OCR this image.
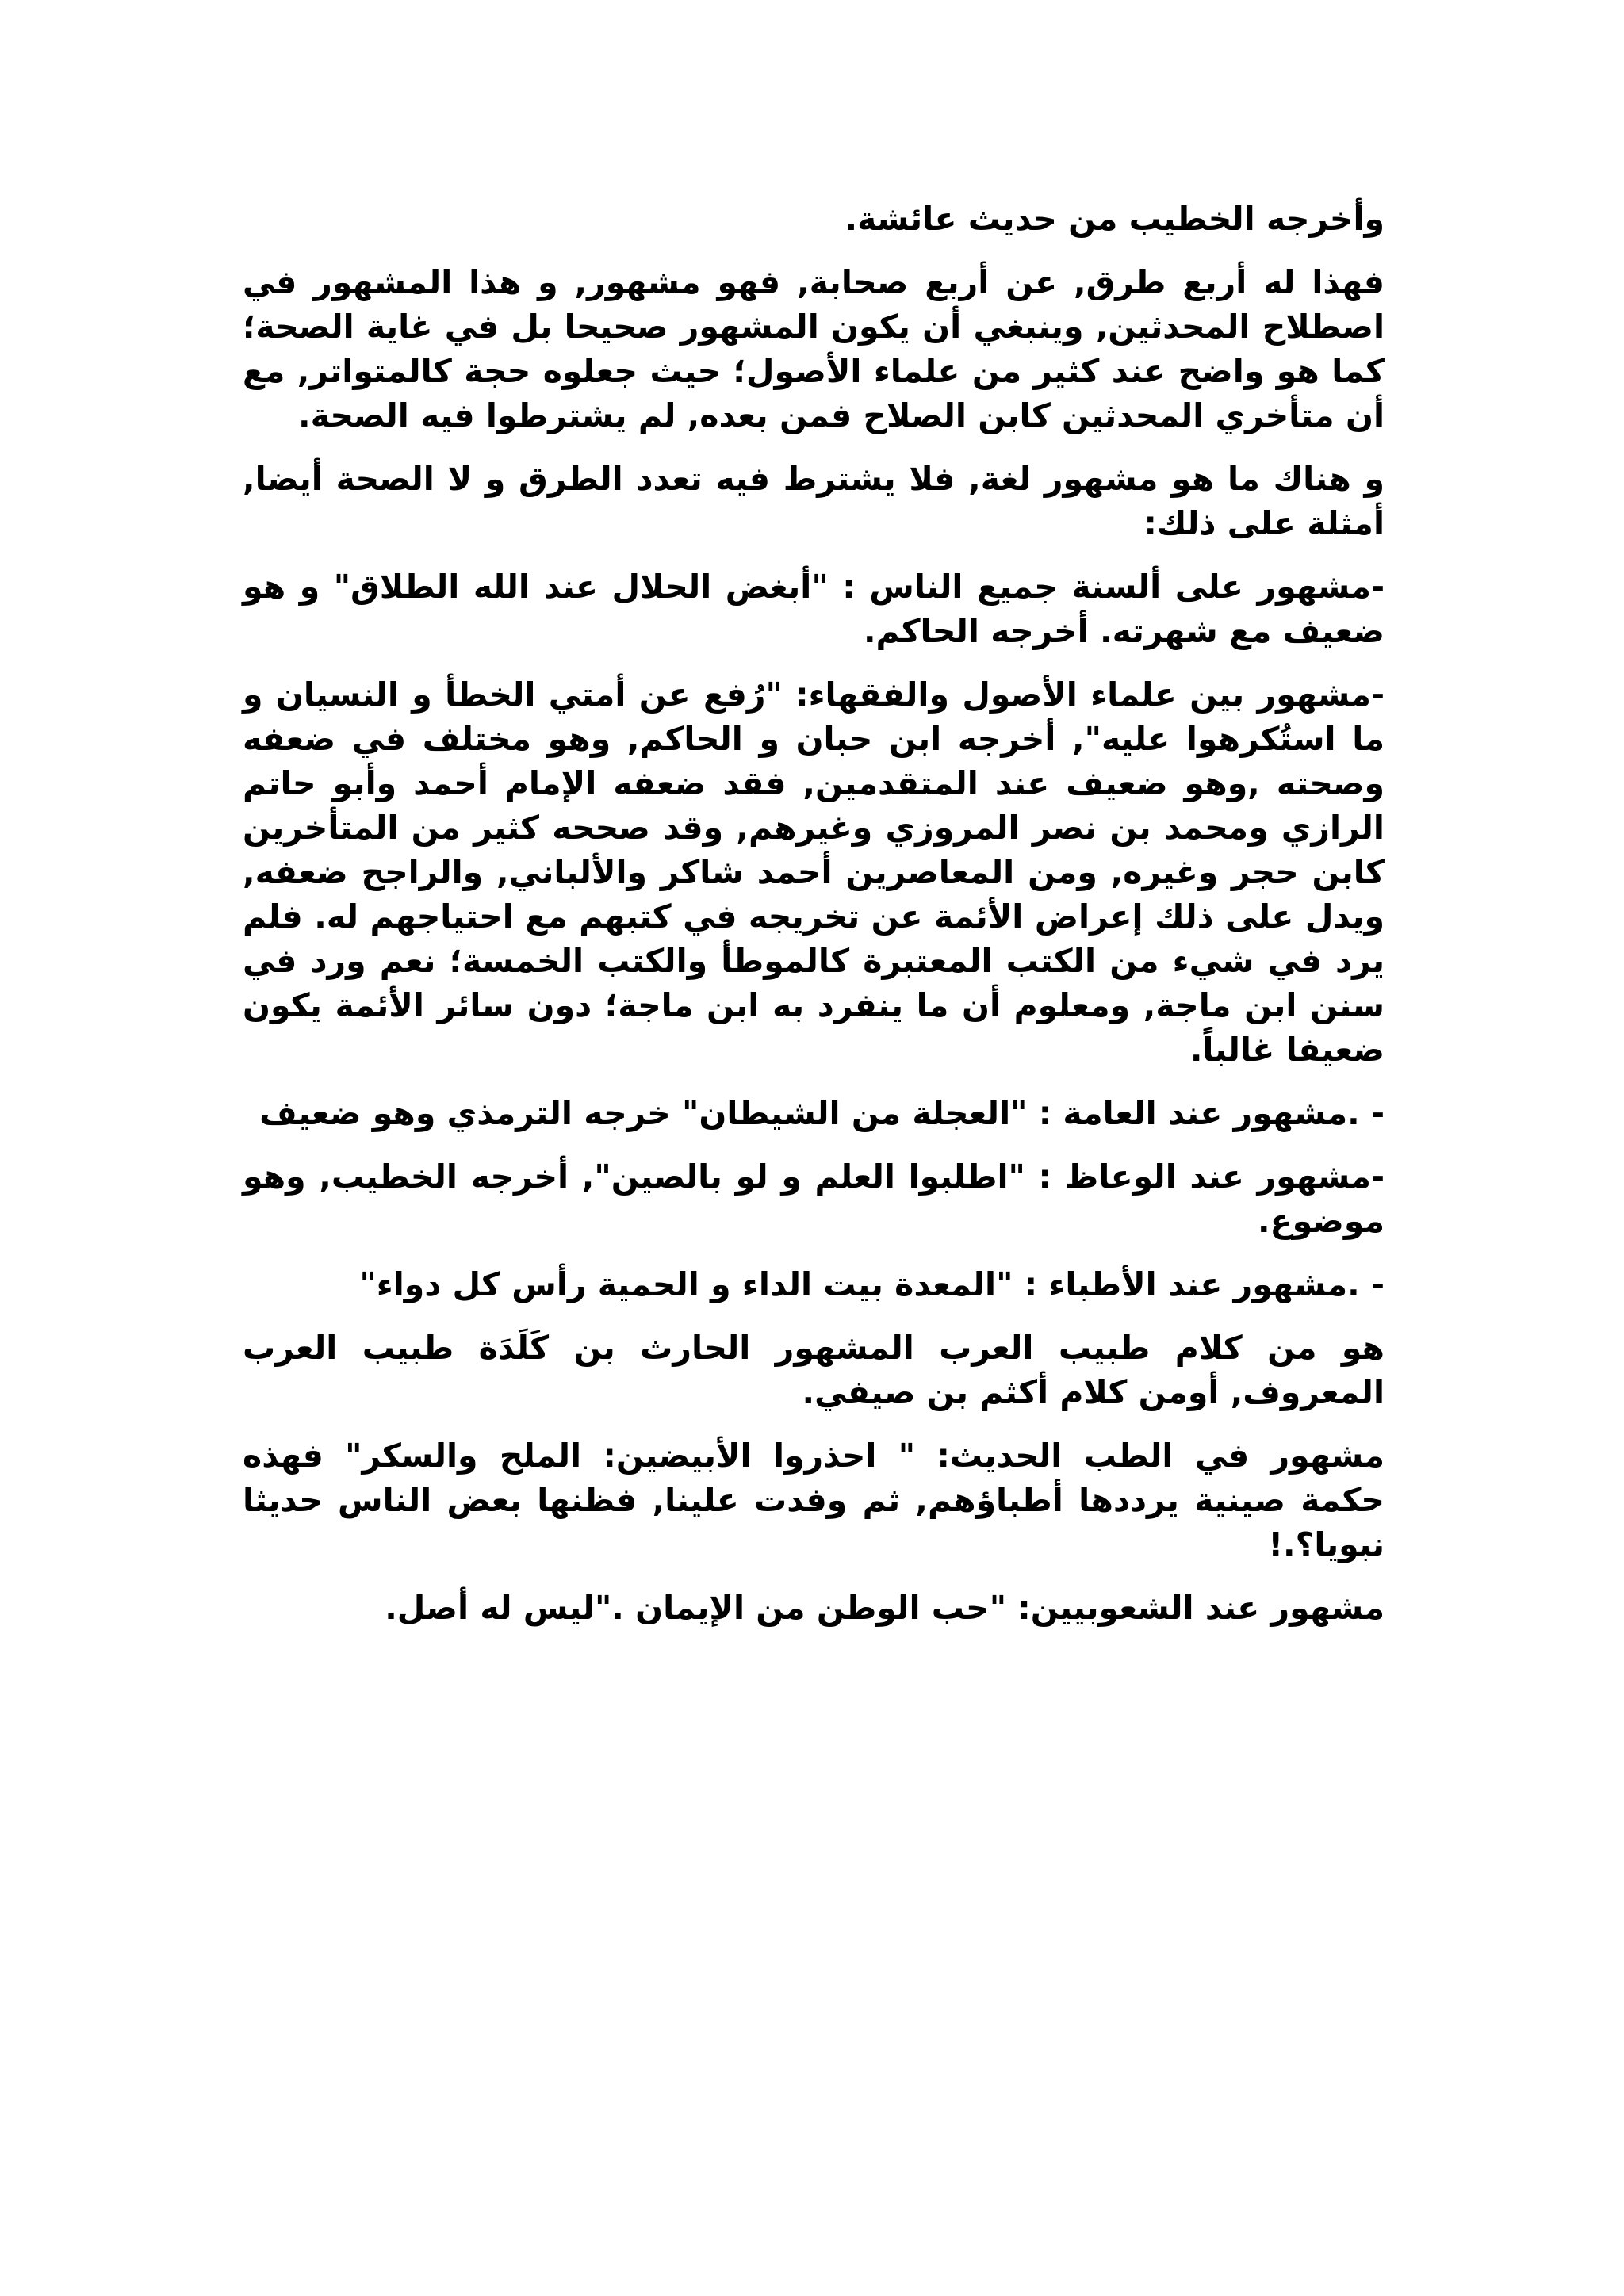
وأخرجه الخطيب من حديث عائشة.

فهذا له أربع طرق, عن أربع صحابة, فهو مشهور, و هذا المشهور في اصطلاح المحدثين, وينبغي أن يكون المشهور صحيحا بل في غاية الصحة؛ كما هو واضح عند كثير من علماء الأصول؛ حيث جعلوه حجة كالمتواتر, مع أن متأخري المحدثين كابن الصلاح فمن بعده, لم يشترطوا فيه الصحة.

و هناك ما هو مشهور لغة, فلا يشترط فيه تعدد الطرق و لا الصحة أيضا, أمثلة على ذلك:

-مشهور على ألسنة جميع الناس : "أبغض الحلال عند الله الطلاق" و هو ضعيف مع شهرته. أخرجه الحاكم.

-مشهور بين علماء الأصول والفقهاء: "رُفع عن أمتي الخطأ و النسيان و ما استُكرهوا عليه", أخرجه ابن حبان و الحاكم, وهو مختلف في ضعفه وصحته ,وهو ضعيف عند المتقدمين, فقد ضعفه الإمام أحمد وأبو حاتم الرازي ومحمد بن نصر المروزي وغيرهم, وقد صححه كثير من المتأخرين كابن حجر وغيره, ومن المعاصرين أحمد شاكر والألباني, والراجح ضعفه, ويدل على ذلك إعراض الأئمة عن تخريجه في كتبهم مع احتياجهم له. فلم يرد في شيء من الكتب المعتبرة كالموطأ والكتب الخمسة؛ نعم ورد في سنن ابن ماجة, ومعلوم أن ما ينفرد به ابن ماجة؛ دون سائر الأئمة يكون ضعيفا غالباً.

- .مشهور عند العامة : "العجلة من الشيطان" خرجه الترمذي وهو ضعيف

-مشهور عند الوعاظ : "اطلبوا العلم و لو بالصين", أخرجه الخطيب, وهو موضوع.

- .مشهور عند الأطباء : "المعدة بيت الداء و الحمية رأس كل دواء"

هو من كلام طبيب العرب المشهور الحارث بن كَلَدَة طبيب العرب المعروف, أومن كلام أكثم بن صيفي.

مشهور في الطب الحديث: " احذروا الأبيضين: الملح والسكر" فهذه حكمة صينية يرددها أطباؤهم, ثم وفدت علينا, فظنها بعض الناس حديثا نبويا؟.!

مشهور عند الشعوبيين: "حب الوطن من الإيمان ."ليس له أصل.
